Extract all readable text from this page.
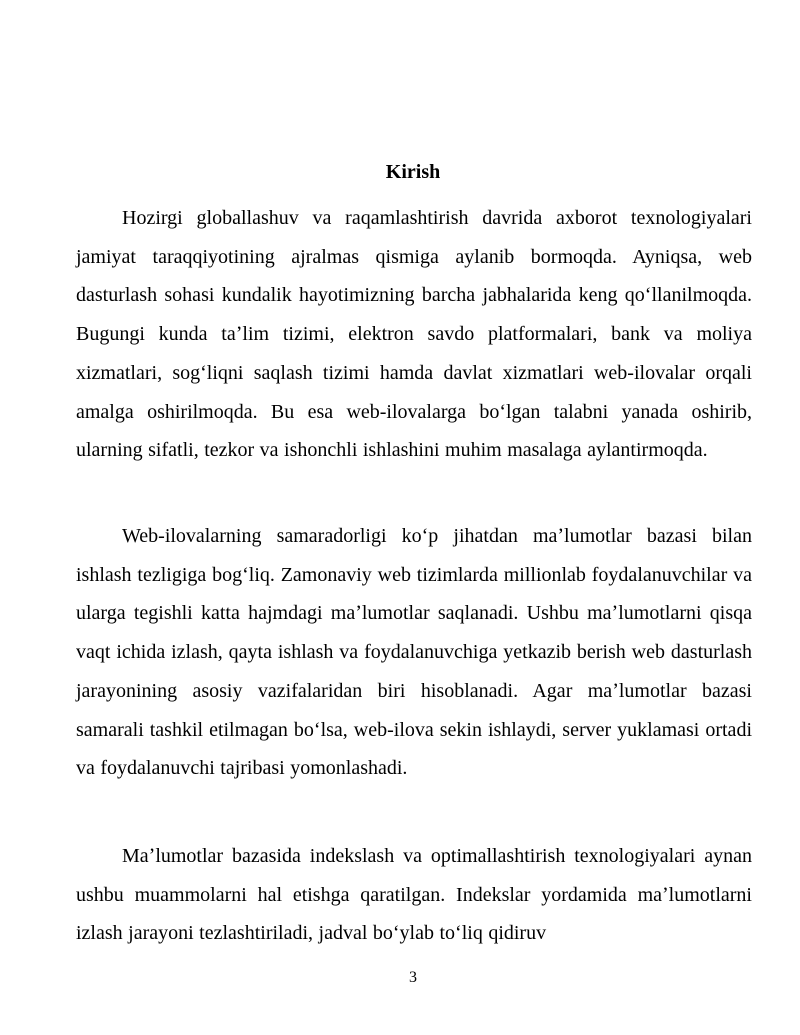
Kirish

Hozirgi globallashuv va raqamlashtirish davrida axborot texnologiyalari jamiyat taraqqiyotining ajralmas qismiga aylanib bormoqda. Ayniqsa, web dasturlash sohasi kundalik hayotimizning barcha jabhalarida keng qoʻllanilmoqda. Bugungi kunda taʼlim tizimi, elektron savdo platformalari, bank va moliya xizmatlari, sogʻliqni saqlash tizimi hamda davlat xizmatlari web-ilovalar orqali amalga oshirilmoqda. Bu esa web-ilovalarga boʻlgan talabni yanada oshirib, ularning sifatli, tezkor va ishonchli ishlashini muhim masalaga aylantirmoqda.

Web-ilovalarning samaradorligi koʻp jihatdan maʼlumotlar bazasi bilan ishlash tezligiga bogʻliq. Zamonaviy web tizimlarda millionlab foydalanuvchilar va ularga tegishli katta hajmdagi maʼlumotlar saqlanadi. Ushbu maʼlumotlarni qisqa vaqt ichida izlash, qayta ishlash va foydalanuvchiga yetkazib berish web dasturlash jarayonining asosiy vazifalaridan biri hisoblanadi. Agar maʼlumotlar bazasi samarali tashkil etilmagan boʻlsa, web-ilova sekin ishlaydi, server yuklamasi ortadi va foydalanuvchi tajribasi yomonlashadi.

Maʼlumotlar bazasida indekslash va optimallashtirish texnologiyalari aynan ushbu muammolarni hal etishga qaratilgan. Indekslar yordamida maʼlumotlarni izlash jarayoni tezlashtiriladi, jadval boʻylab toʻliq qidiruv

3
